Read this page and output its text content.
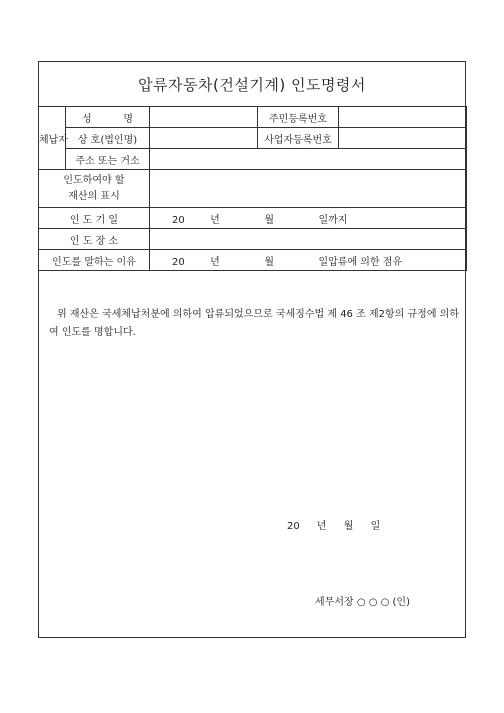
압류자동차(건설기계) 인도명령서
체납자	성          명		주민등록번호	
	상 호(법인명)		사업자등록번호	
	주소 또는 거소			
인도하여야 할 재산의 표시				
인 도 기 일		20        년              월              일까지		
인 도 장 소				
인도를 말하는 이유		20        년              월              일압류에 의한 점유		
위 재산은 국세체납처분에 의하여 압류되었으므로 국세징수법 제 46 조 제2항의 규정에 의하여 인도를 명합니다.
20 년 월 일
세무서장 ○ ○ ○ (인)
